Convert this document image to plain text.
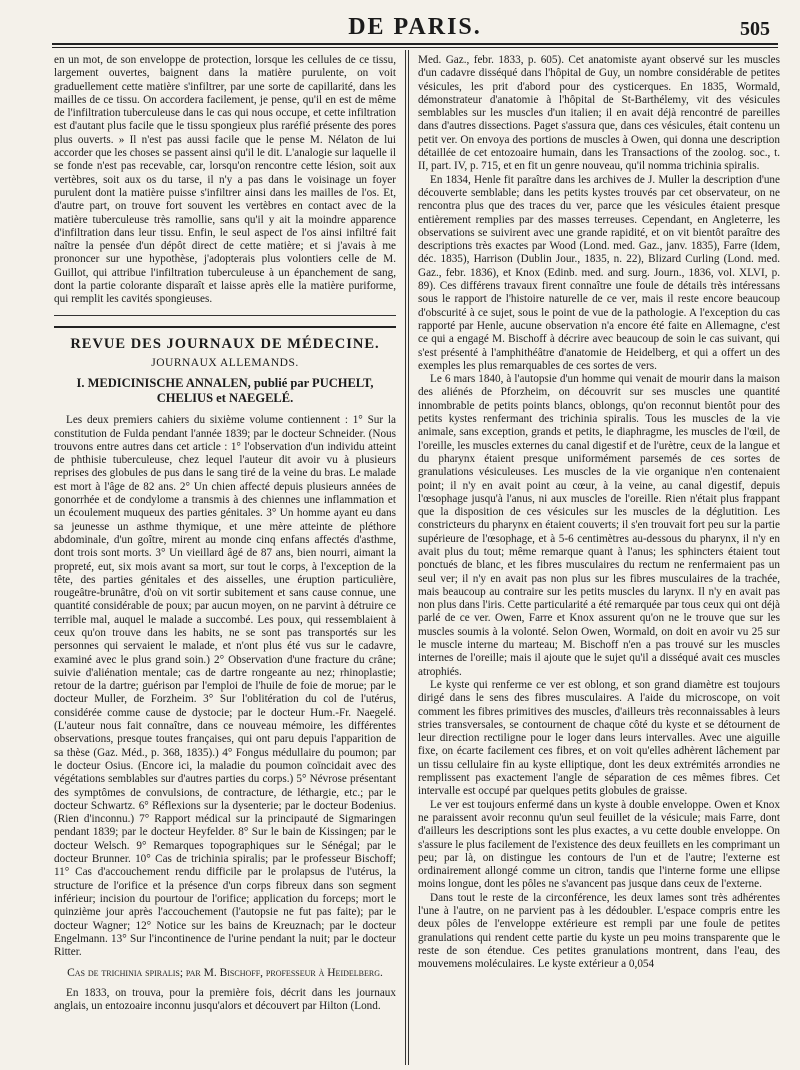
DE PARIS.	505

en un mot, de son enveloppe de protection, lorsque les cellules de ce tissu, largement ouvertes, baignent dans la matière purulente, on voit graduellement cette matière s'infiltrer, par une sorte de capillarité, dans les mailles de ce tissu. On accordera facilement, je pense, qu'il en est de même de l'infiltration tuberculeuse dans le cas qui nous occupe, et cette infiltration est d'autant plus facile que le tissu spongieux plus raréfié présente des pores plus ouverts. » Il n'est pas aussi facile que le pense M. Nélaton de lui accorder que les choses se passent ainsi qu'il le dit. L'analogie sur laquelle il se fonde n'est pas recevable, car, lorsqu'on rencontre cette lésion, soit aux vertèbres, soit aux os du tarse, il n'y a pas dans le voisinage un foyer purulent dont la matière puisse s'infiltrer ainsi dans les mailles de l'os. Et, d'autre part, on trouve fort souvent les vertèbres en contact avec de la matière tuberculeuse très ramollie, sans qu'il y ait la moindre apparence d'infiltration dans leur tissu. Enfin, le seul aspect de l'os ainsi infiltré fait naître la pensée d'un dépôt direct de cette matière; et si j'avais à me prononcer sur une hypothèse, j'adopterais plus volontiers celle de M. Guillot, qui attribue l'infiltration tuberculeuse à un épanchement de sang, dont la partie colorante disparaît et laisse après elle la matière puriforme, qui remplit les cavités spongieuses.

REVUE DES JOURNAUX DE MÉDECINE.
JOURNAUX ALLEMANDS.
I. MEDICINISCHE ANNALEN, publié par PUCHELT, CHELIUS et NAEGELÉ.

Les deux premiers cahiers du sixième volume contiennent : 1° Sur la constitution de Fulda pendant l'année 1839; par le docteur Schneider. (Nous trouvons entre autres dans cet article : 1° l'observation d'un individu atteint de phthisie tuberculeuse, chez lequel l'auteur dit avoir vu à plusieurs reprises des globules de pus dans le sang tiré de la veine du bras. Le malade est mort à l'âge de 82 ans. 2° Un chien affecté depuis plusieurs années de gonorrhée et de condylome a transmis à des chiennes une inflammation et un écoulement muqueux des parties génitales. 3° Un homme ayant eu dans sa jeunesse un asthme thymique, et une mère atteinte de pléthore abdominale, d'un goître, mirent au monde cinq enfans affectés d'asthme, dont trois sont morts. 3° Un vieillard âgé de 87 ans, bien nourri, aimant la propreté, eut, six mois avant sa mort, sur tout le corps, à l'exception de la tête, des parties génitales et des aisselles, une éruption particulière, rougeâtre-brunâtre, d'où on vit sortir subitement et sans cause connue, une quantité considérable de poux; par aucun moyen, on ne parvint à détruire ce terrible mal, auquel le malade a succombé. Les poux, qui ressemblaient à ceux qu'on trouve dans les habits, ne se sont pas transportés sur les personnes qui servaient le malade, et n'ont plus été vus sur le cadavre, examiné avec le plus grand soin.) 2° Observation d'une fracture du crâne; suivie d'aliénation mentale; cas de dartre rongeante au nez; rhinoplastie; retour de la dartre; guérison par l'emploi de l'huile de foie de morue; par le docteur Muller, de Forzheim. 3° Sur l'oblitération du col de l'utérus, considérée comme cause de dystocie; par le docteur Hum.-Fr. Naegelé. (L'auteur nous fait connaître, dans ce nouveau mémoire, les différentes observations, presque toutes françaises, qui ont paru depuis l'apparition de sa thèse (Gaz. Méd., p. 368, 1835).) 4° Fongus médullaire du poumon; par le docteur Osius. (Encore ici, la maladie du poumon coïncidait avec des végétations semblables sur d'autres parties du corps.) 5° Névrose présentant des symptômes de convulsions, de contracture, de léthargie, etc.; par le docteur Schwartz. 6° Réflexions sur la dysenterie; par le docteur Bodenius. (Rien d'inconnu.) 7° Rapport médical sur la principauté de Sigmaringen pendant 1839; par le docteur Heyfelder. 8° Sur le bain de Kissingen; par le docteur Welsch. 9° Remarques topographiques sur le Sénégal; par le docteur Brunner. 10° Cas de trichinia spiralis; par le professeur Bischoff; 11° Cas d'accouchement rendu difficile par le prolapsus de l'utérus, la structure de l'orifice et la présence d'un corps fibreux dans son segment inférieur; incision du pourtour de l'orifice; application du forceps; mort le quinzième jour après l'accouchement (l'autopsie ne fut pas faite); par le docteur Wagner; 12° Notice sur les bains de Kreuznach; par le docteur Engelmann. 13° Sur l'incontinence de l'urine pendant la nuit; par le docteur Ritter.

Cas de trichinia spiralis; par M. Bischoff, professeur à Heidelberg.

En 1833, on trouva, pour la première fois, décrit dans les journaux anglais, un entozoaire inconnu jusqu'alors et découvert par Hilton (Lond.

Med. Gaz., febr. 1833, p. 605). Cet anatomiste ayant observé sur les muscles d'un cadavre disséqué dans l'hôpital de Guy, un nombre considérable de petites vésicules, les prit d'abord pour des cysticerques. En 1835, Wormald, démonstrateur d'anatomie à l'hôpital de St-Barthélemy, vit des vésicules semblables sur les muscles d'un italien; il en avait déjà rencontré de pareilles dans d'autres dissections. Paget s'assura que, dans ces vésicules, était contenu un petit ver. On envoya des portions de muscles à Owen, qui donna une description détaillée de cet entozoaire humain, dans les Transactions of the zoolog. soc., t. II, part. IV, p. 715, et en fit un genre nouveau, qu'il nomma trichinia spiralis.

En 1834, Henle fit paraître dans les archives de J. Muller la description d'une découverte semblable; dans les petits kystes trouvés par cet observateur, on ne rencontra plus que des traces du ver, parce que les vésicules étaient presque entièrement remplies par des masses terreuses. Cependant, en Angleterre, les observations se suivirent avec une grande rapidité, et on vit bientôt paraître des descriptions très exactes par Wood (Lond. med. Gaz., janv. 1835), Farre (Idem, déc. 1835), Harrison (Dublin Jour., 1835, n. 22), Blizard Curling (Lond. med. Gaz., febr. 1836), et Knox (Edinb. med. and surg. Journ., 1836, vol. XLVI, p. 89). Ces différens travaux firent connaître une foule de détails très intéressans sous le rapport de l'histoire naturelle de ce ver, mais il reste encore beaucoup d'obscurité à ce sujet, sous le point de vue de la pathologie. A l'exception du cas rapporté par Henle, aucune observation n'a encore été faite en Allemagne, c'est ce qui a engagé M. Bischoff à décrire avec beaucoup de soin le cas suivant, qui s'est présenté à l'amphithéâtre d'anatomie de Heidelberg, et qui a offert un des exemples les plus remarquables de ces sortes de vers.

Le 6 mars 1840, à l'autopsie d'un homme qui venait de mourir dans la maison des aliénés de Pforzheim, on découvrit sur ses muscles une quantité innombrable de petits points blancs, oblongs, qu'on reconnut bientôt pour des petits kystes renfermant des trichinia spiralis. Tous les muscles de la vie animale, sans exception, grands et petits, le diaphragme, les muscles de l'œil, de l'oreille, les muscles externes du canal digestif et de l'urètre, ceux de la langue et du pharynx étaient presque uniformément parsemés de ces sortes de granulations vésiculeuses. Les muscles de la vie organique n'en contenaient point; il n'y en avait point au cœur, à la veine, au canal digestif, depuis l'œsophage jusqu'à l'anus, ni aux muscles de l'oreille. Rien n'était plus frappant que la disposition de ces vésicules sur les muscles de la déglutition. Les constricteurs du pharynx en étaient couverts; il s'en trouvait fort peu sur la partie supérieure de l'œsophage, et à 5-6 centimètres au-dessous du pharynx, il n'y en avait plus du tout; même remarque quant à l'anus; les sphincters étaient tout ponctués de blanc, et les fibres musculaires du rectum ne renfermaient pas un seul ver; il n'y en avait pas non plus sur les fibres musculaires de la trachée, mais beaucoup au contraire sur les petits muscles du larynx. Il n'y en avait pas non plus dans l'iris. Cette particularité a été remarquée par tous ceux qui ont déjà parlé de ce ver. Owen, Farre et Knox assurent qu'on ne le trouve que sur les muscles soumis à la volonté. Selon Owen, Wormald, on doit en avoir vu 25 sur le muscle interne du marteau; M. Bischoff n'en a pas trouvé sur les muscles internes de l'oreille; mais il ajoute que le sujet qu'il a disséqué avait ces muscles atrophiés.

Le kyste qui renferme ce ver est oblong, et son grand diamètre est toujours dirigé dans le sens des fibres musculaires. A l'aide du microscope, on voit comment les fibres primitives des muscles, d'ailleurs très reconnaissables à leurs stries transversales, se contournent de chaque côté du kyste et se détournent de leur direction rectiligne pour le loger dans leurs intervalles. Avec une aiguille fixe, on écarte facilement ces fibres, et on voit qu'elles adhèrent lâchement par un tissu cellulaire fin au kyste elliptique, dont les deux extrémités arrondies ne remplissent pas exactement l'angle de séparation de ces mêmes fibres. Cet intervalle est occupé par quelques petits globules de graisse.

Le ver est toujours enfermé dans un kyste à double enveloppe. Owen et Knox ne paraissent avoir reconnu qu'un seul feuillet de la vésicule; mais Farre, dont d'ailleurs les descriptions sont les plus exactes, a vu cette double enveloppe. On s'assure le plus facilement de l'existence des deux feuillets en les comprimant un peu; par là, on distingue les contours de l'un et de l'autre; l'externe est ordinairement allongé comme un citron, tandis que l'interne forme une ellipse moins longue, dont les pôles ne s'avancent pas jusque dans ceux de l'externe.

Dans tout le reste de la circonférence, les deux lames sont très adhérentes l'une à l'autre, on ne parvient pas à les dédoubler. L'espace compris entre les deux pôles de l'enveloppe extérieure est rempli par une foule de petites granulations qui rendent cette partie du kyste un peu moins transparente que le reste de son étendue. Ces petites granulations montrent, dans l'eau, des mouvemens moléculaires. Le kyste extérieur a 0,054
